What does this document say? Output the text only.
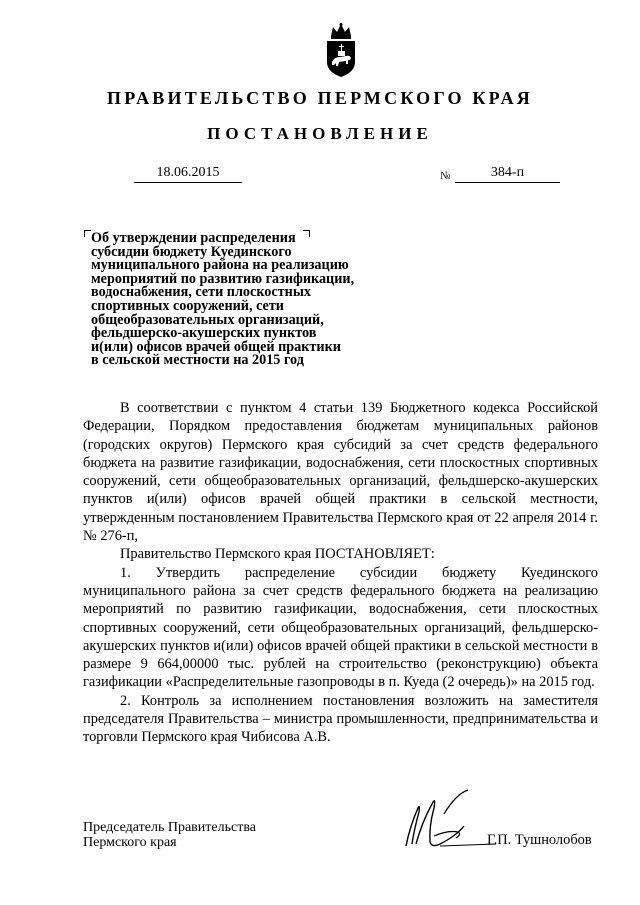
ПРАВИТЕЛЬСТВО ПЕРМСКОГО КРАЯ
ПОСТАНОВЛЕНИЕ
18.06.2015	№	384-п
Об утверждении распределения
субсидии бюджету Куединского
муниципального района на реализацию
мероприятий по развитию газификации,
водоснабжения, сети плоскостных
спортивных сооружений, сети
общеобразовательных организаций,
фельдшерско-акушерских пунктов
и(или) офисов врачей общей практики
в сельской местности на 2015 год

В соответствии с пунктом 4 статьи 139 Бюджетного кодекса Российской Федерации, Порядком предоставления бюджетам муниципальных районов (городских округов) Пермского края субсидий за счет средств федерального бюджета на развитие газификации, водоснабжения, сети плоскостных спортивных сооружений, сети общеобразовательных организаций, фельдшерско-акушерских пунктов и(или) офисов врачей общей практики в сельской местности, утвержденным постановлением Правительства Пермского края от 22 апреля 2014 г. № 276-п,

Правительство Пермского края ПОСТАНОВЛЯЕТ:

1. Утвердить распределение субсидии бюджету Куединского муниципального района за счет средств федерального бюджета на реализацию мероприятий по развитию газификации, водоснабжения, сети плоскостных спортивных сооружений, сети общеобразовательных организаций, фельдшерско-акушерских пунктов и(или) офисов врачей общей практики в сельской местности в размере 9 664,00000 тыс. рублей на строительство (реконструкцию) объекта газификации «Распределительные газопроводы в п. Куеда (2 очередь)» на 2015 год.

2. Контроль за исполнением постановления возложить на заместителя председателя Правительства – министра промышленности, предпринимательства и торговли Пермского края Чибисова А.В.

Председатель Правительства
Пермского края	Г.П. Тушнолобов
